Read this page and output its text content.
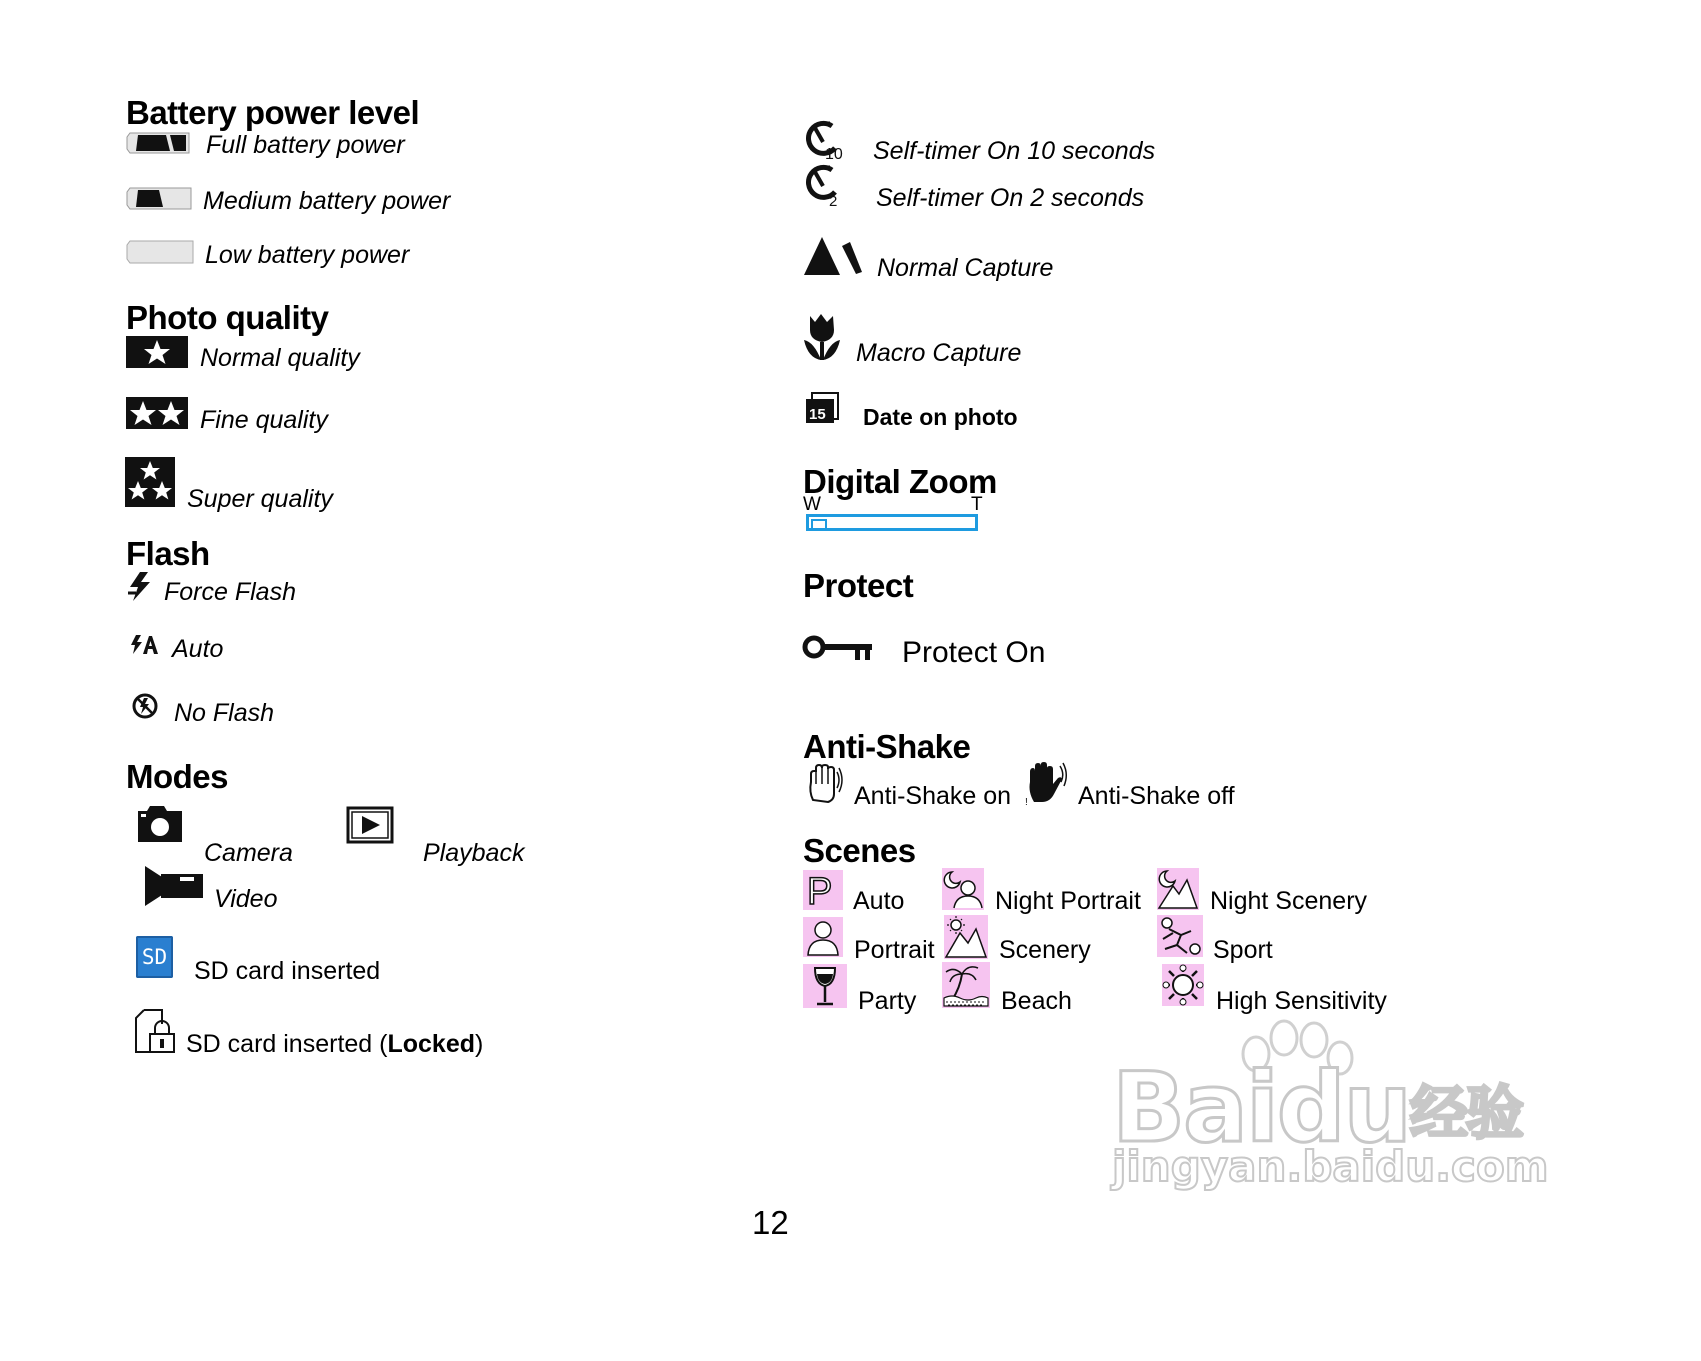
Battery power level
Full battery power
Medium battery power
Low battery power
Photo quality
Normal quality
Fine quality
Super quality
Flash
Force Flash
Auto
No Flash
Modes
Camera	Playback
Video
SD SD card inserted
SD card inserted (Locked)
10 Self-timer On 10 seconds
2 Self-timer On 2 seconds
Normal Capture
Macro Capture
15 Date on photo
Digital Zoom
W	T
Protect
Protect On
Anti-Shake
Anti-Shake on ! Anti-Shake off
Scenes
P Auto	Night Portrait	Night Scenery
Portrait	Scenery	Sport
Party	Beach	High Sensitivity
Baidu经验
jingyan.baidu.com
12
